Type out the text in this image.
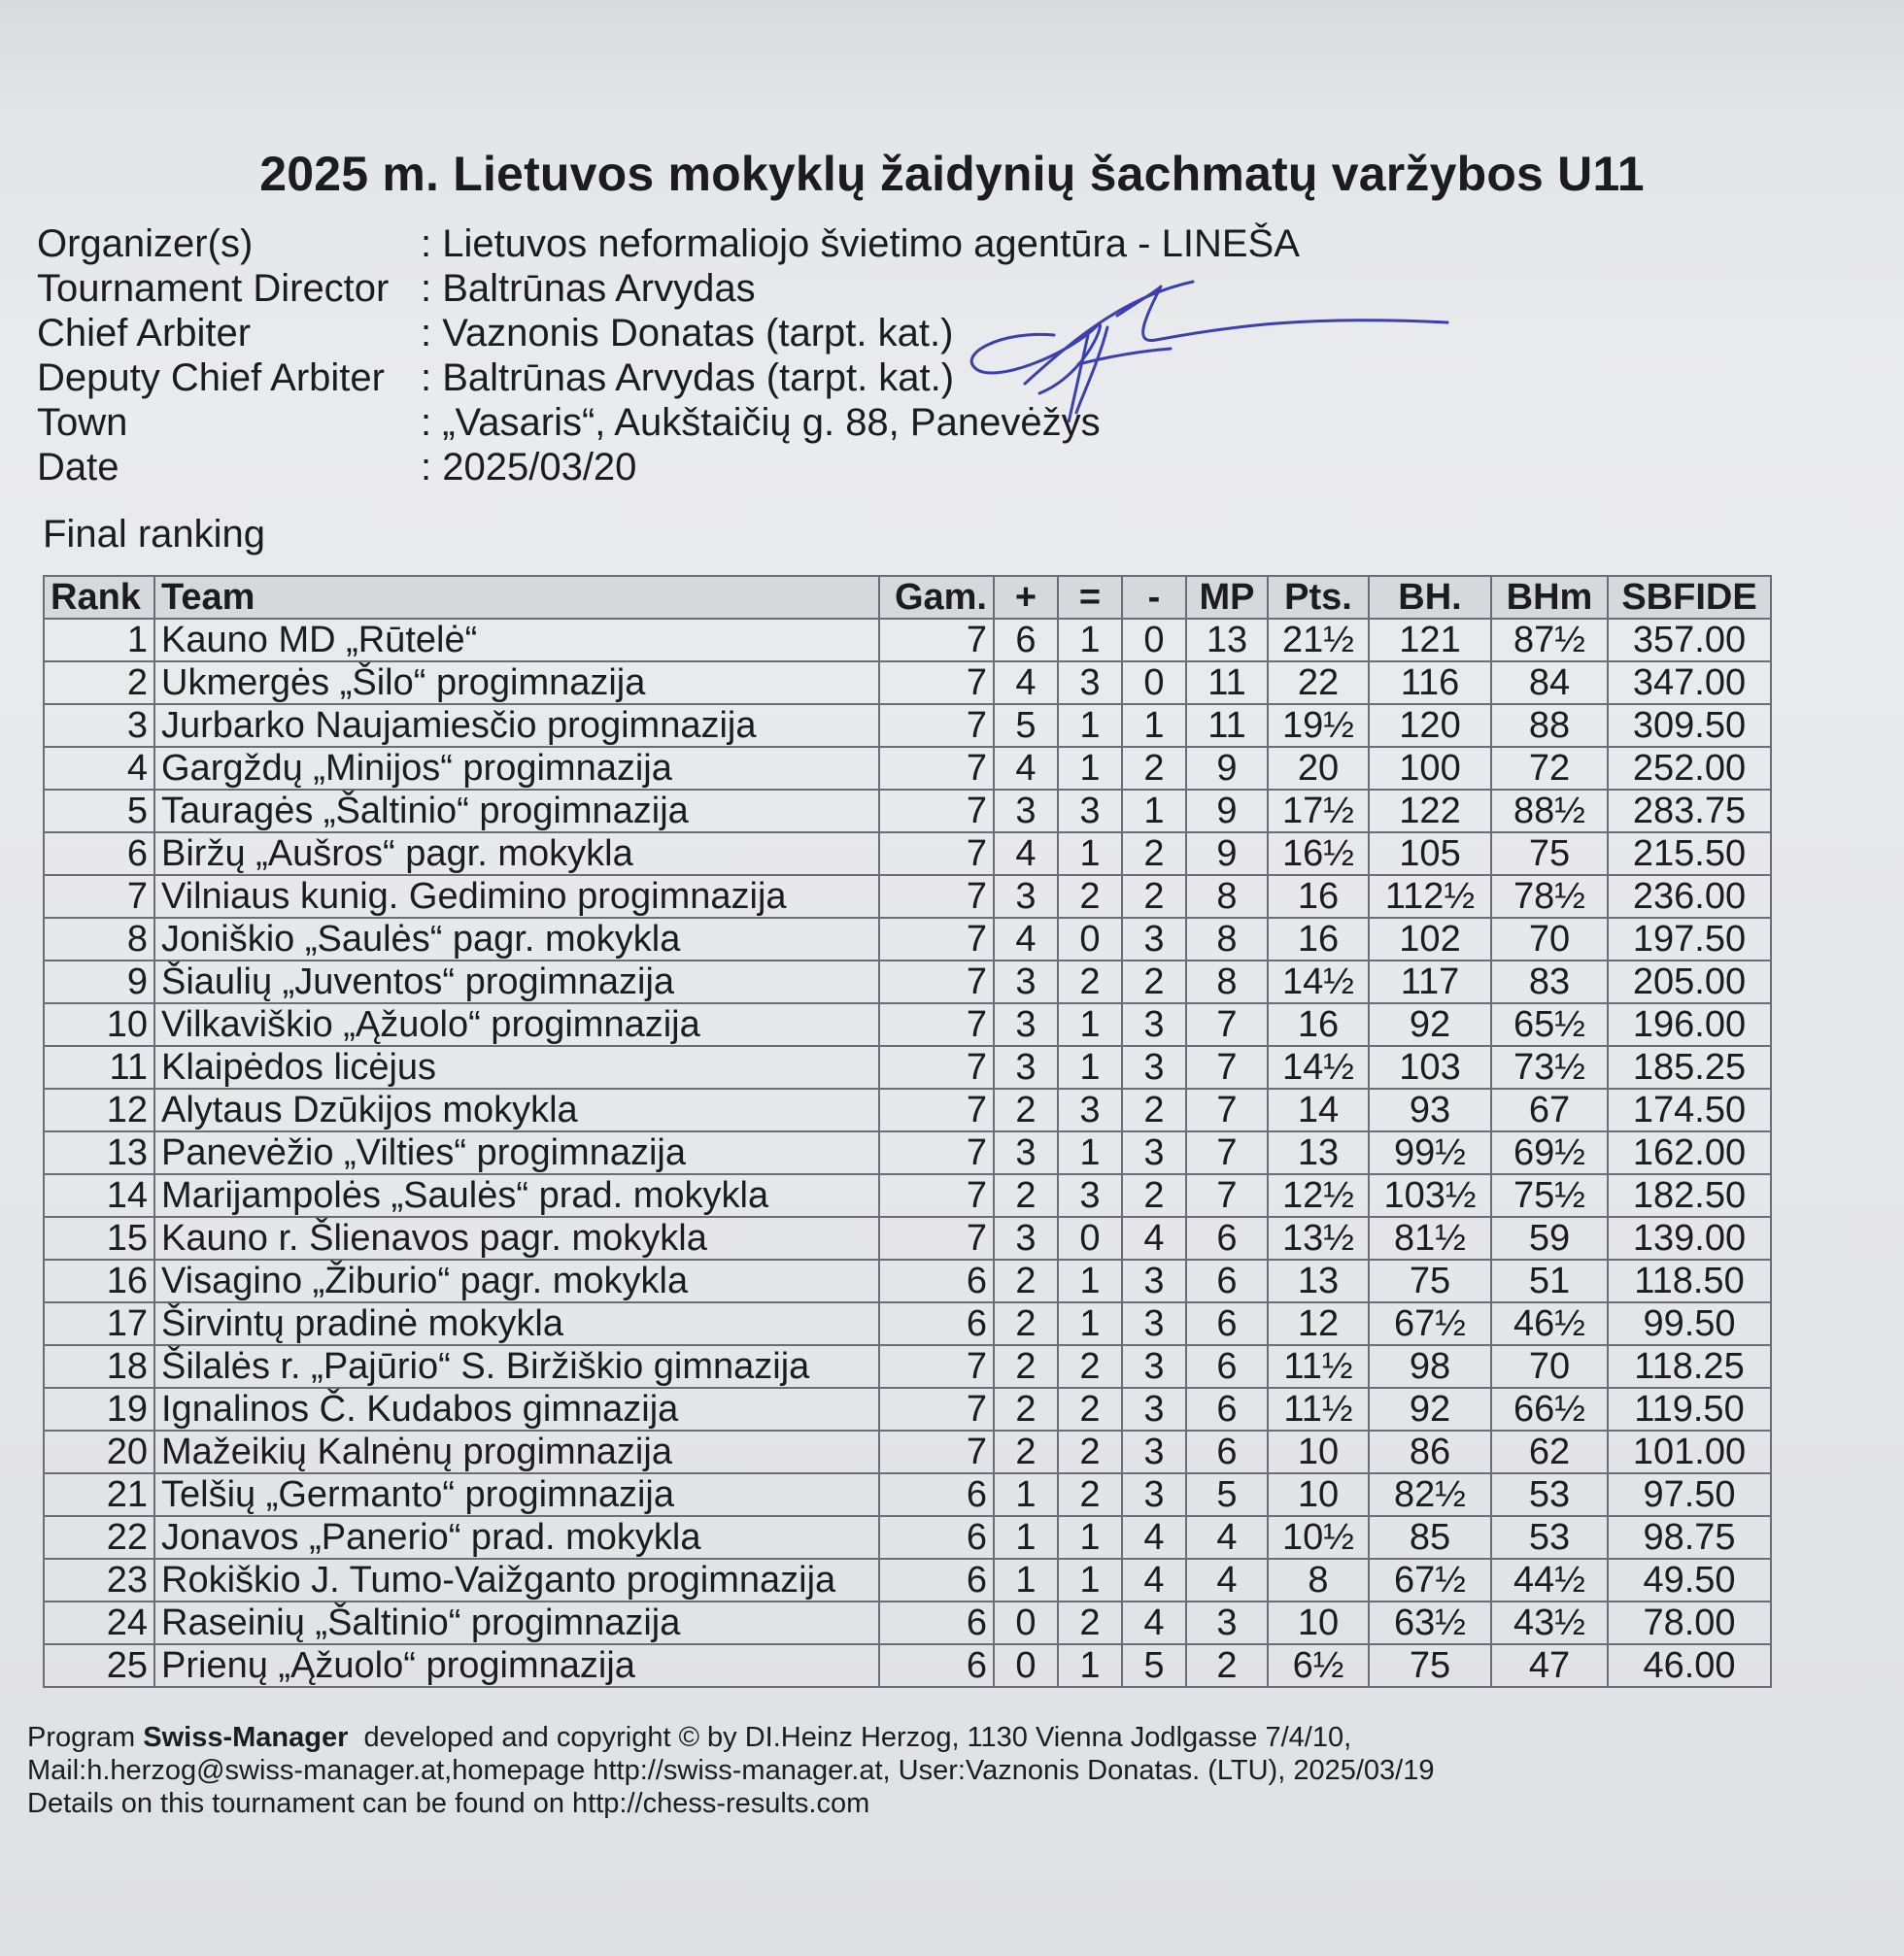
2025 m. Lietuvos mokyklų žaidynių šachmatų varžybos U11
Organizer(s)	: Lietuvos neformaliojo švietimo agentūra - LINEŠA
Tournament Director : Baltrūnas Arvydas
Chief Arbiter	: Vaznonis Donatas (tarpt. kat.)
Deputy Chief Arbiter : Baltrūnas Arvydas (tarpt. kat.)
Town	: „Vasaris“, Aukštaičių g. 88, Panevėžys
Date	: 2025/03/20
Final ranking
Rank	Team	Gam.	+	=	-	MP	Pts.	BH.	BHm	SBFIDE
1	Kauno MD „Rūtelė“	7	6	1	0	13	21½	121	87½	357.00
2	Ukmergės „Šilo“ progimnazija	7	4	3	0	11	22	116	84	347.00
3	Jurbarko Naujamiesčio progimnazija	7	5	1	1	11	19½	120	88	309.50
4	Gargždų „Minijos“ progimnazija	7	4	1	2	9	20	100	72	252.00
5	Tauragės „Šaltinio“ progimnazija	7	3	3	1	9	17½	122	88½	283.75
6	Biržų „Aušros“ pagr. mokykla	7	4	1	2	9	16½	105	75	215.50
7	Vilniaus kunig. Gedimino progimnazija	7	3	2	2	8	16	112½	78½	236.00
8	Joniškio „Saulės“ pagr. mokykla	7	4	0	3	8	16	102	70	197.50
9	Šiaulių „Juventos“ progimnazija	7	3	2	2	8	14½	117	83	205.00
10	Vilkaviškio „Ąžuolo“ progimnazija	7	3	1	3	7	16	92	65½	196.00
11	Klaipėdos licėjus	7	3	1	3	7	14½	103	73½	185.25
12	Alytaus Dzūkijos mokykla	7	2	3	2	7	14	93	67	174.50
13	Panevėžio „Vilties“ progimnazija	7	3	1	3	7	13	99½	69½	162.00
14	Marijampolės „Saulės“ prad. mokykla	7	2	3	2	7	12½	103½	75½	182.50
15	Kauno r. Šlienavos pagr. mokykla	7	3	0	4	6	13½	81½	59	139.00
16	Visagino „Žiburio“ pagr. mokykla	6	2	1	3	6	13	75	51	118.50
17	Širvintų pradinė mokykla	6	2	1	3	6	12	67½	46½	99.50
18	Šilalės r. „Pajūrio“ S. Biržiškio gimnazija	7	2	2	3	6	11½	98	70	118.25
19	Ignalinos Č. Kudabos gimnazija	7	2	2	3	6	11½	92	66½	119.50
20	Mažeikių Kalnėnų progimnazija	7	2	2	3	6	10	86	62	101.00
21	Telšių „Germanto“ progimnazija	6	1	2	3	5	10	82½	53	97.50
22	Jonavos „Panerio“ prad. mokykla	6	1	1	4	4	10½	85	53	98.75
23	Rokiškio J. Tumo-Vaižganto progimnazija	6	1	1	4	4	8	67½	44½	49.50
24	Raseinių „Šaltinio“ progimnazija	6	0	2	4	3	10	63½	43½	78.00
25	Prienų „Ąžuolo“ progimnazija	6	0	1	5	2	6½	75	47	46.00
Program Swiss-Manager  developed and copyright © by DI.Heinz Herzog, 1130 Vienna Jodlgasse 7/4/10,
Mail:h.herzog@swiss-manager.at,homepage http://swiss-manager.at, User:Vaznonis Donatas. (LTU), 2025/03/19
Details on this tournament can be found on http://chess-results.com
